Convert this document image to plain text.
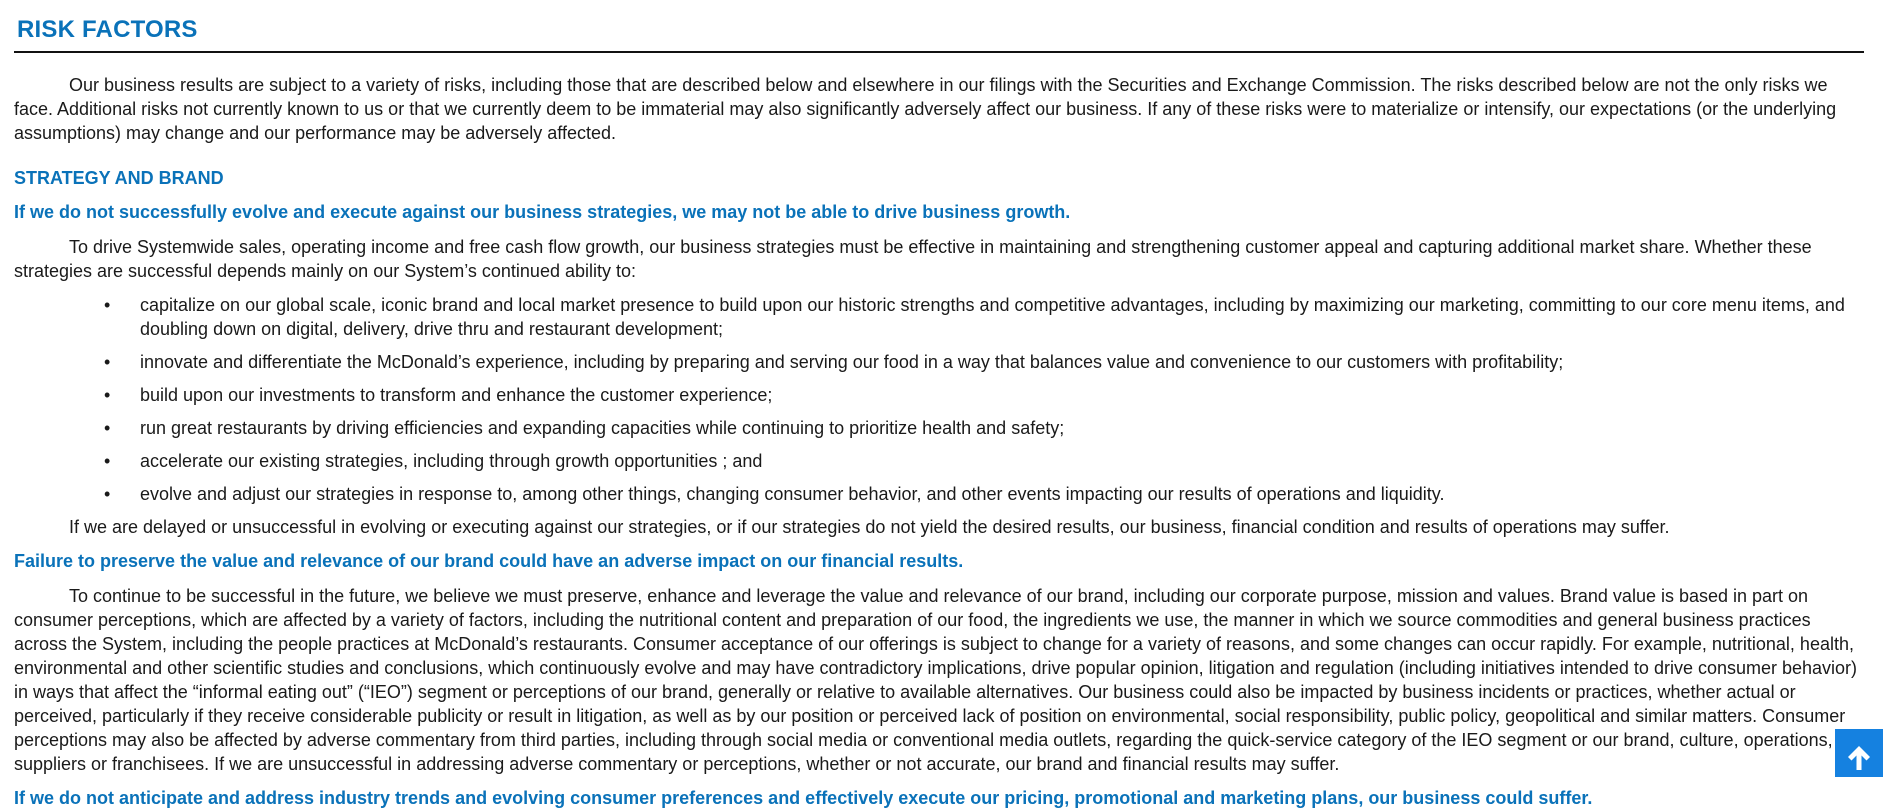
RISK FACTORS

Our business results are subject to a variety of risks, including those that are described below and elsewhere in our filings with the Securities and Exchange Commission. The risks described below are not the only risks we face. Additional risks not currently known to us or that we currently deem to be immaterial may also significantly adversely affect our business. If any of these risks were to materialize or intensify, our expectations (or the underlying assumptions) may change and our performance may be adversely affected.

STRATEGY AND BRAND
If we do not successfully evolve and execute against our business strategies, we may not be able to drive business growth.

To drive Systemwide sales, operating income and free cash flow growth, our business strategies must be effective in maintaining and strengthening customer appeal and capturing additional market share. Whether these strategies are successful depends mainly on our System’s continued ability to:

• capitalize on our global scale, iconic brand and local market presence to build upon our historic strengths and competitive advantages, including by maximizing our marketing, committing to our core menu items, and doubling down on digital, delivery, drive thru and restaurant development;
• innovate and differentiate the McDonald’s experience, including by preparing and serving our food in a way that balances value and convenience to our customers with profitability;
• build upon our investments to transform and enhance the customer experience;
• run great restaurants by driving efficiencies and expanding capacities while continuing to prioritize health and safety;
• accelerate our existing strategies, including through growth opportunities ; and
• evolve and adjust our strategies in response to, among other things, changing consumer behavior, and other events impacting our results of operations and liquidity.

If we are delayed or unsuccessful in evolving or executing against our strategies, or if our strategies do not yield the desired results, our business, financial condition and results of operations may suffer.

Failure to preserve the value and relevance of our brand could have an adverse impact on our financial results.

To continue to be successful in the future, we believe we must preserve, enhance and leverage the value and relevance of our brand, including our corporate purpose, mission and values. Brand value is based in part on consumer perceptions, which are affected by a variety of factors, including the nutritional content and preparation of our food, the ingredients we use, the manner in which we source commodities and general business practices across the System, including the people practices at McDonald’s restaurants. Consumer acceptance of our offerings is subject to change for a variety of reasons, and some changes can occur rapidly. For example, nutritional, health, environmental and other scientific studies and conclusions, which continuously evolve and may have contradictory implications, drive popular opinion, litigation and regulation (including initiatives intended to drive consumer behavior) in ways that affect the “informal eating out” (“IEO”) segment or perceptions of our brand, generally or relative to available alternatives. Our business could also be impacted by business incidents or practices, whether actual or perceived, particularly if they receive considerable publicity or result in litigation, as well as by our position or perceived lack of position on environmental, social responsibility, public policy, geopolitical and similar matters. Consumer perceptions may also be affected by adverse commentary from third parties, including through social media or conventional media outlets, regarding the quick-service category of the IEO segment or our brand, culture, operations, suppliers or franchisees. If we are unsuccessful in addressing adverse commentary or perceptions, whether or not accurate, our brand and financial results may suffer.

If we do not anticipate and address industry trends and evolving consumer preferences and effectively execute our pricing, promotional and marketing plans, our business could suffer.
